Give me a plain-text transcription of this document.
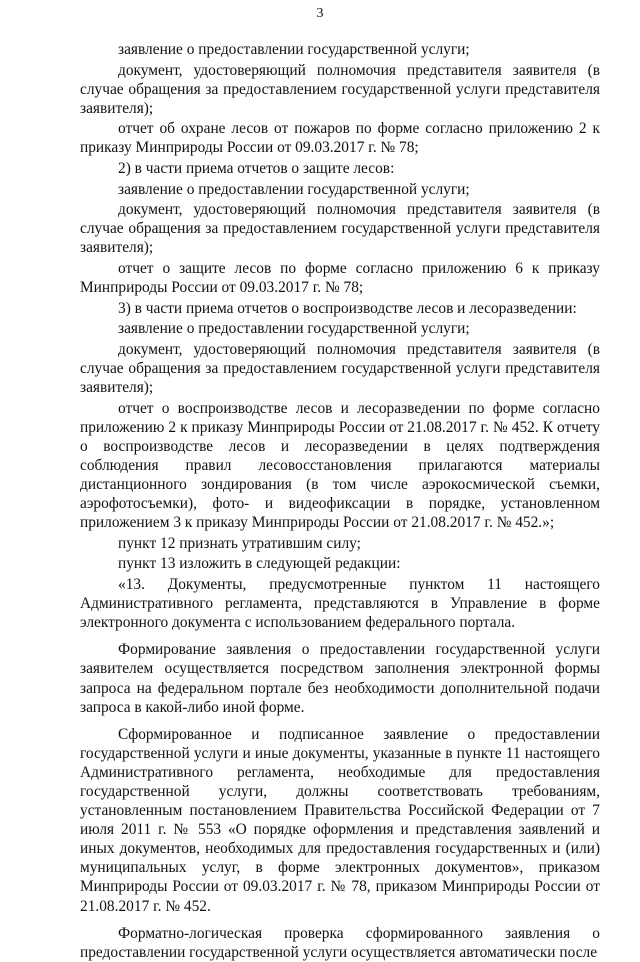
3

заявление о предоставлении государственной услуги;

документ, удостоверяющий полномочия представителя заявителя (в случае обращения за предоставлением государственной услуги представителя заявителя);

отчет об охране лесов от пожаров по форме согласно приложению 2 к приказу Минприроды России от 09.03.2017 г. № 78;

2) в части приема отчетов о защите лесов:

заявление о предоставлении государственной услуги;

документ, удостоверяющий полномочия представителя заявителя (в случае обращения за предоставлением государственной услуги представителя заявителя);

отчет о защите лесов по форме согласно приложению 6 к приказу Минприроды России от 09.03.2017 г. № 78;

3) в части приема отчетов о воспроизводстве лесов и лесоразведении:

заявление о предоставлении государственной услуги;

документ, удостоверяющий полномочия представителя заявителя (в случае обращения за предоставлением государственной услуги представителя заявителя);

отчет о воспроизводстве лесов и лесоразведении по форме согласно приложению 2 к приказу Минприроды России от 21.08.2017 г. № 452. К отчету о воспроизводстве лесов и лесоразведении в целях подтверждения соблюдения правил лесовосстановления прилагаются материалы дистанционного зондирования (в том числе аэрокосмической съемки, аэрофотосъемки), фото- и видеофиксации в порядке, установленном приложением 3 к приказу Минприроды России от 21.08.2017 г. № 452.»;

пункт 12 признать утратившим силу;

пункт 13 изложить в следующей редакции:

«13. Документы, предусмотренные пунктом 11 настоящего Административного регламента, представляются в Управление в форме электронного документа с использованием федерального портала.

Формирование заявления о предоставлении государственной услуги заявителем осуществляется посредством заполнения электронной формы запроса на федеральном портале без необходимости дополнительной подачи запроса в какой-либо иной форме.

Сформированное и подписанное заявление о предоставлении государственной услуги и иные документы, указанные в пункте 11 настоящего Административного регламента, необходимые для предоставления государственной услуги, должны соответствовать требованиям, установленным постановлением Правительства Российской Федерации от 7 июля 2011 г. № 553 «О порядке оформления и представления заявлений и иных документов, необходимых для предоставления государственных и (или) муниципальных услуг, в форме электронных документов», приказом Минприроды России от 09.03.2017 г. № 78, приказом Минприроды России от 21.08.2017 г. № 452.

Форматно-логическая проверка сформированного заявления о предоставлении государственной услуги осуществляется автоматически после
